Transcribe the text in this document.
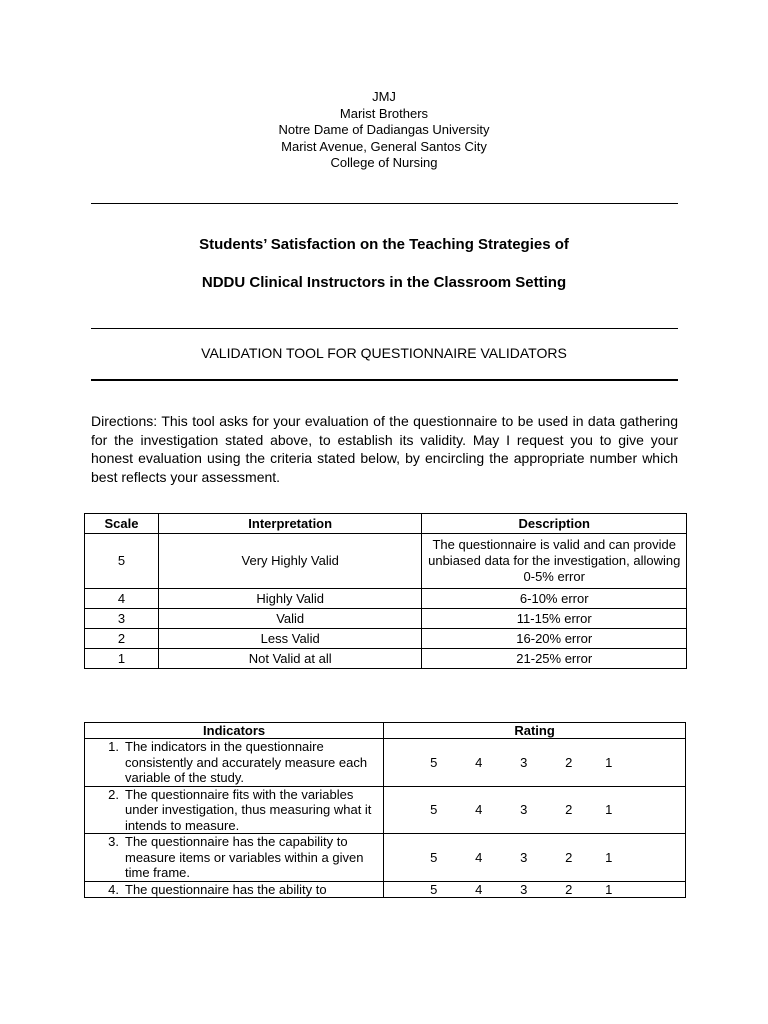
JMJ
Marist Brothers
Notre Dame of Dadiangas University
Marist Avenue, General Santos City
College of Nursing
Students’ Satisfaction on the Teaching Strategies of
NDDU Clinical Instructors in the Classroom Setting
VALIDATION TOOL FOR QUESTIONNAIRE VALIDATORS
Directions: This tool asks for your evaluation of the questionnaire to be used in data gathering for the investigation stated above, to establish its validity. May I request you to give your honest evaluation using the criteria stated below, by encircling the appropriate number which best reflects your assessment.
Scale	Interpretation	Description
5	Very Highly Valid	The questionnaire is valid and can provide unbiased data for the investigation, allowing 0-5% error
4	Highly Valid	6-10% error
3	Valid	11-15% error
2	Less Valid	16-20% error
1	Not Valid at all	21-25% error
Indicators	Rating

1. The indicators in the questionnaire consistently and accurately measure each variable of the study.	5 4 3 2 1

2. The questionnaire fits with the variables under investigation, thus measuring what it intends to measure.	5 4 3 2 1

3. The questionnaire has the capability to measure items or variables within a given time frame.	5 4 3 2 1

4. The questionnaire has the ability to	5 4 3 2 1
